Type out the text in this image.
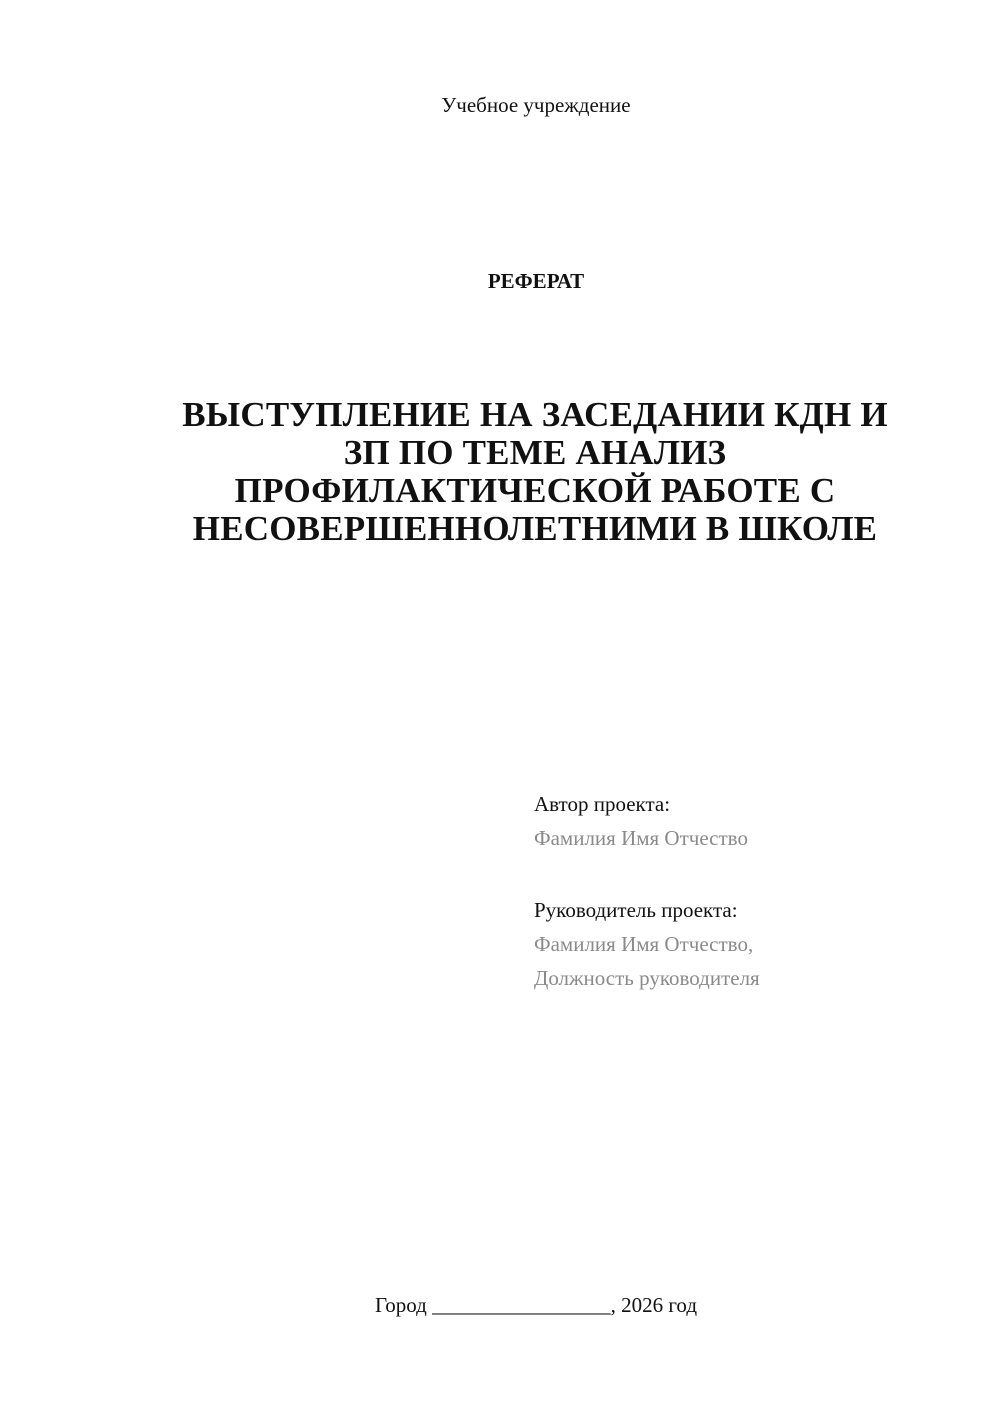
Учебное учреждение
РЕФЕРАТ
ВЫСТУПЛЕНИЕ НА ЗАСЕДАНИИ КДН И
ЗП ПО ТЕМЕ АНАЛИЗ
ПРОФИЛАКТИЧЕСКОЙ РАБОТЕ С
НЕСОВЕРШЕННОЛЕТНИМИ В ШКОЛЕ
Автор проекта:
Фамилия Имя Отчество
Руководитель проекта:
Фамилия Имя Отчество,
Должность руководителя
Город _________________, 2026 год
